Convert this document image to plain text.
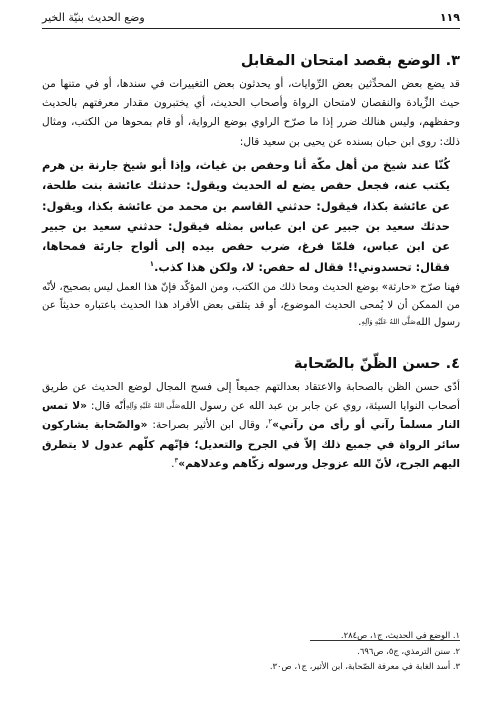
١١٩
وضع الحديث بنيّة الخير
٣. الوضع بقصد امتحان المقابل

قد يضع بعض المحدِّثين بعض الرِّوايات، أو يحدثون بعض التغييرات في سندها، أو في متنها من حيث الزِّيادة والنقصان لامتحان الرواة وأصحاب الحديث، أي يختبرون مقدار معرفتهم بالحديث وحفظهم، وليس هنالك ضرر إذا ما صرّح الراوي بوضع الرواية، أو قام بمحوها من الكتب، ومثال ذلك: روى ابن حبان بسنده عن يحيى بن سعيد قال:

كُنّا عند شيخ من أهل مكّة أنا وحفص بن غياث، وإذا أبو شيخ جارنة بن هرم يكتب عنه، فجعل حفص يضع له الحديث ويقول: حدثتك عائشة بنت طلحة، عن عائشة بكذا، فيقول: حدثني القاسم بن محمد من عائشة بكذا، ويقول: حدثك سعيد بن جبير عن ابن عباس بمثله فيقول: حدثني سعيد بن جبير عن ابن عباس، فلمّا فرغ، ضرب حفص بيده إلى ألواح جارئة فمحاها، فقال: تحسدوني!! فقال له حفص: لا، ولكن هذا كذب.$^١$

فهنا صرّح «حارثة» بوضع الحديث ومحا ذلك من الكتب، ومن المؤكّد فإنّ هذا العمل ليس بصحيح، لأنّه من الممكن أن لا يُمحى الحديث الموضوع، أو قد يتلقى بعض الأفراد هذا الحديث باعتباره حديثاً عن رسول اللهصَلَّى اللهُ عَلَيْهِ وَآلِهِ.

٤. حسن الظّنّ بالصّحابة

أدّى حسن الظن بالصحابة والاعتقاد بعدالتهم جميعاً إلى فسح المجال لوضع الحديث عن طريق أصحاب النوايا السيئة، روي عن جابر بن عبد الله عن رسول اللهصَلَّى اللهُ عَلَيْهِ وَآلِهِأنّه قال: «لا تمس النار مسلماً رآني أو رأى من رآني»$^٢$، وقال ابن الأثير بصراحة: «والصّحابة يشاركون سائر الرواة في جميع ذلك إلاّ في الجرح والتعديل؛ فإنّهم كلّهم عدول لا يتطرق اليهم الجرح، لأنّ الله عزوجل ورسوله زكّاهم وعدلاهم»$^٣$.

١. الوضع في الحديث، ج١، ص٢٨٤.
٢. سنن الترمذي، ج٥، ص٦٩٦.
٣. أسد الغابة في معرفة الصّحابة، ابن الأثير، ج١، ص٣٠.
